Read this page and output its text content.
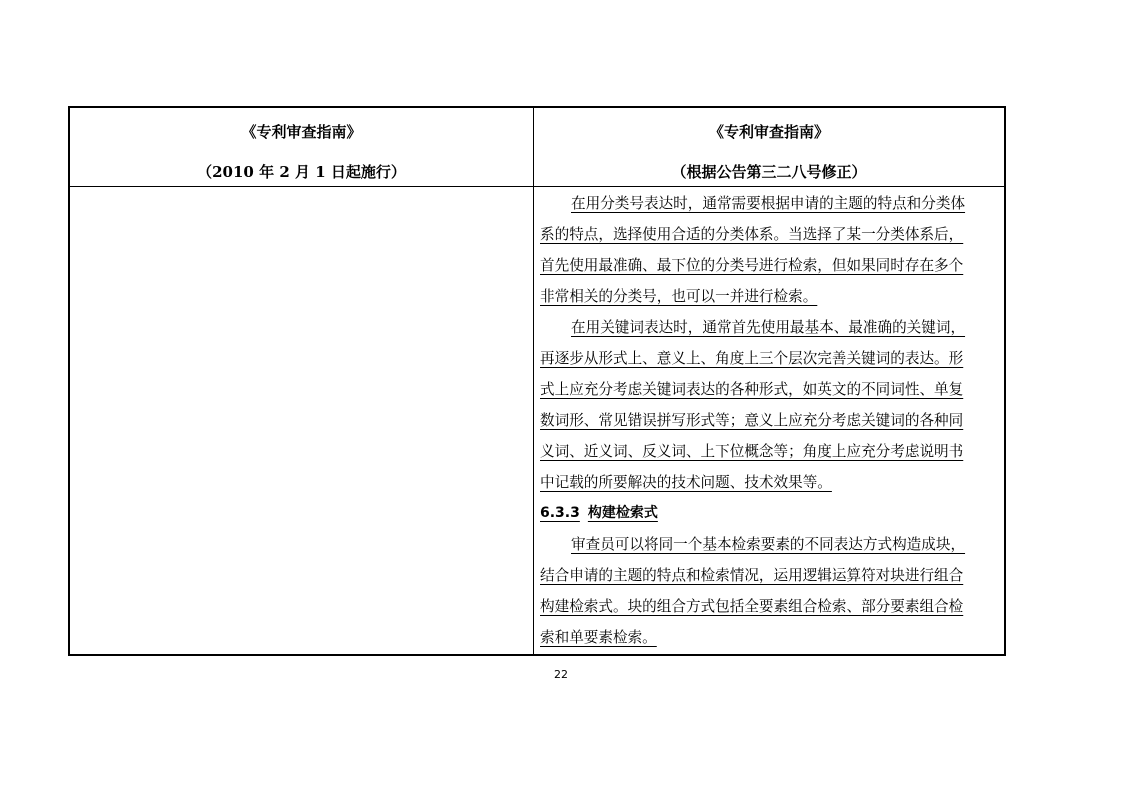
《专利审查指南》
（2010 年 2 月 1 日起施行）
《专利审查指南》
（根据公告第三二八号修正）
在用分类号表达时，通常需要根据申请的主题的特点和分类体
系的特点，选择使用合适的分类体系。当选择了某一分类体系后，
首先使用最准确、最下位的分类号进行检索，但如果同时存在多个
非常相关的分类号，也可以一并进行检索。
在用关键词表达时，通常首先使用最基本、最准确的关键词，
再逐步从形式上、意义上、角度上三个层次完善关键词的表达。形
式上应充分考虑关键词表达的各种形式，如英文的不同词性、单复
数词形、常见错误拼写形式等；意义上应充分考虑关键词的各种同
义词、近义词、反义词、上下位概念等；角度上应充分考虑说明书
中记载的所要解决的技术问题、技术效果等。
6.3.3 构建检索式
审查员可以将同一个基本检索要素的不同表达方式构造成块，
结合申请的主题的特点和检索情况，运用逻辑运算符对块进行组合
构建检索式。块的组合方式包括全要素组合检索、部分要素组合检
索和单要素检索。
22
